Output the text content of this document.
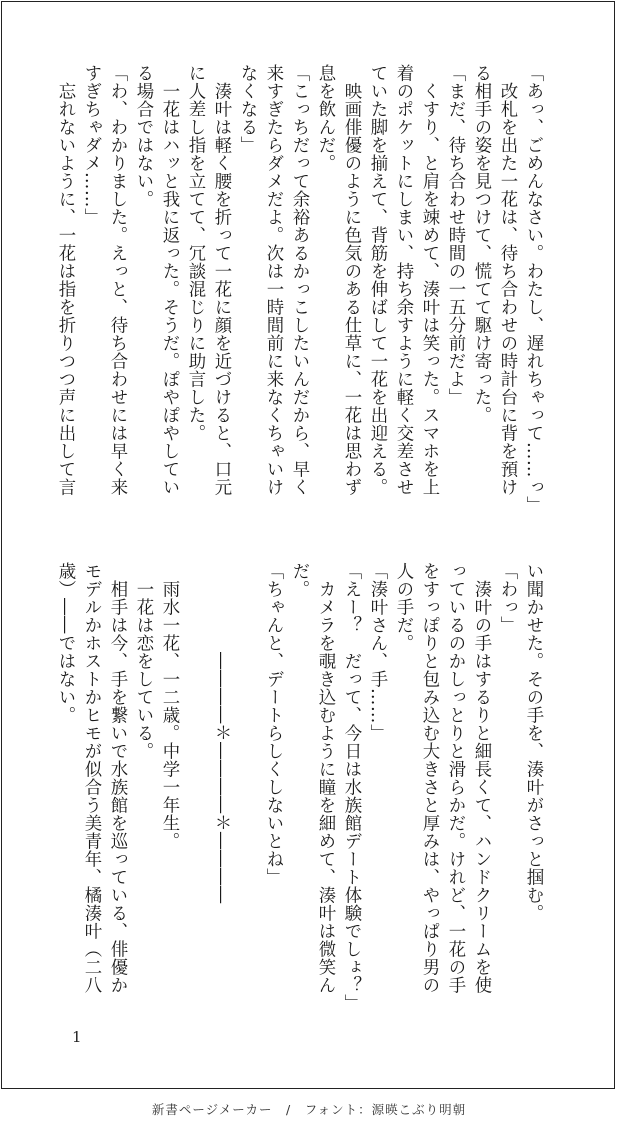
「あっ、ごめんなさい。わたし、遅れちゃって……っ」
　改札を出た一花は、待ち合わせの時計台に背を預け
る相手の姿を見つけて、慌てて駆け寄った。
「まだ、待ち合わせ時間の一五分前だよ」
　くすり、と肩を竦めて、湊叶は笑った。スマホを上
着のポケットにしまい、持ち余すように軽く交差させ
ていた脚を揃えて、背筋を伸ばして一花を出迎える。
　映画俳優のように色気のある仕草に、一花は思わず
息を飲んだ。
「こっちだって余裕あるかっこしたいんだから、早く
来すぎたらダメだよ。次は一時間前に来なくちゃいけ
なくなる」
　湊叶は軽く腰を折って一花に顔を近づけると、口元
に人差し指を立てて、冗談混じりに助言した。
　一花はハッと我に返った。そうだ。ぽやぽやしてい
る場合ではない。
「わ、わかりました。えっと、待ち合わせには早く来
すぎちゃダメ……」
　忘れないように、一花は指を折りつつ声に出して言
い聞かせた。その手を、湊叶がさっと掴む。
「わっ」
　湊叶の手はするりと細長くて、ハンドクリームを使
っているのかしっとりと滑らかだ。けれど、一花の手
をすっぽりと包み込む大きさと厚みは、やっぱり男の
人の手だ。
「湊叶さん、手……」
「えー？　だって、今日は水族館デート体験でしょ？」
　カメラを覗き込むように瞳を細めて、湊叶は微笑ん
だ。
「ちゃんと、デートらしくしないとね」

　　　　　――――＊――――＊――――

　雨水一花、一二歳。中学一年生。
　一花は恋をしている。
　相手は今、手を繋いで水族館を巡っている、俳優か
モデルかホストかヒモが似合う美青年、橘湊叶（二八
歳）――ではない。
1
新書ページメーカー　/　フォント：源暎こぶり明朝
